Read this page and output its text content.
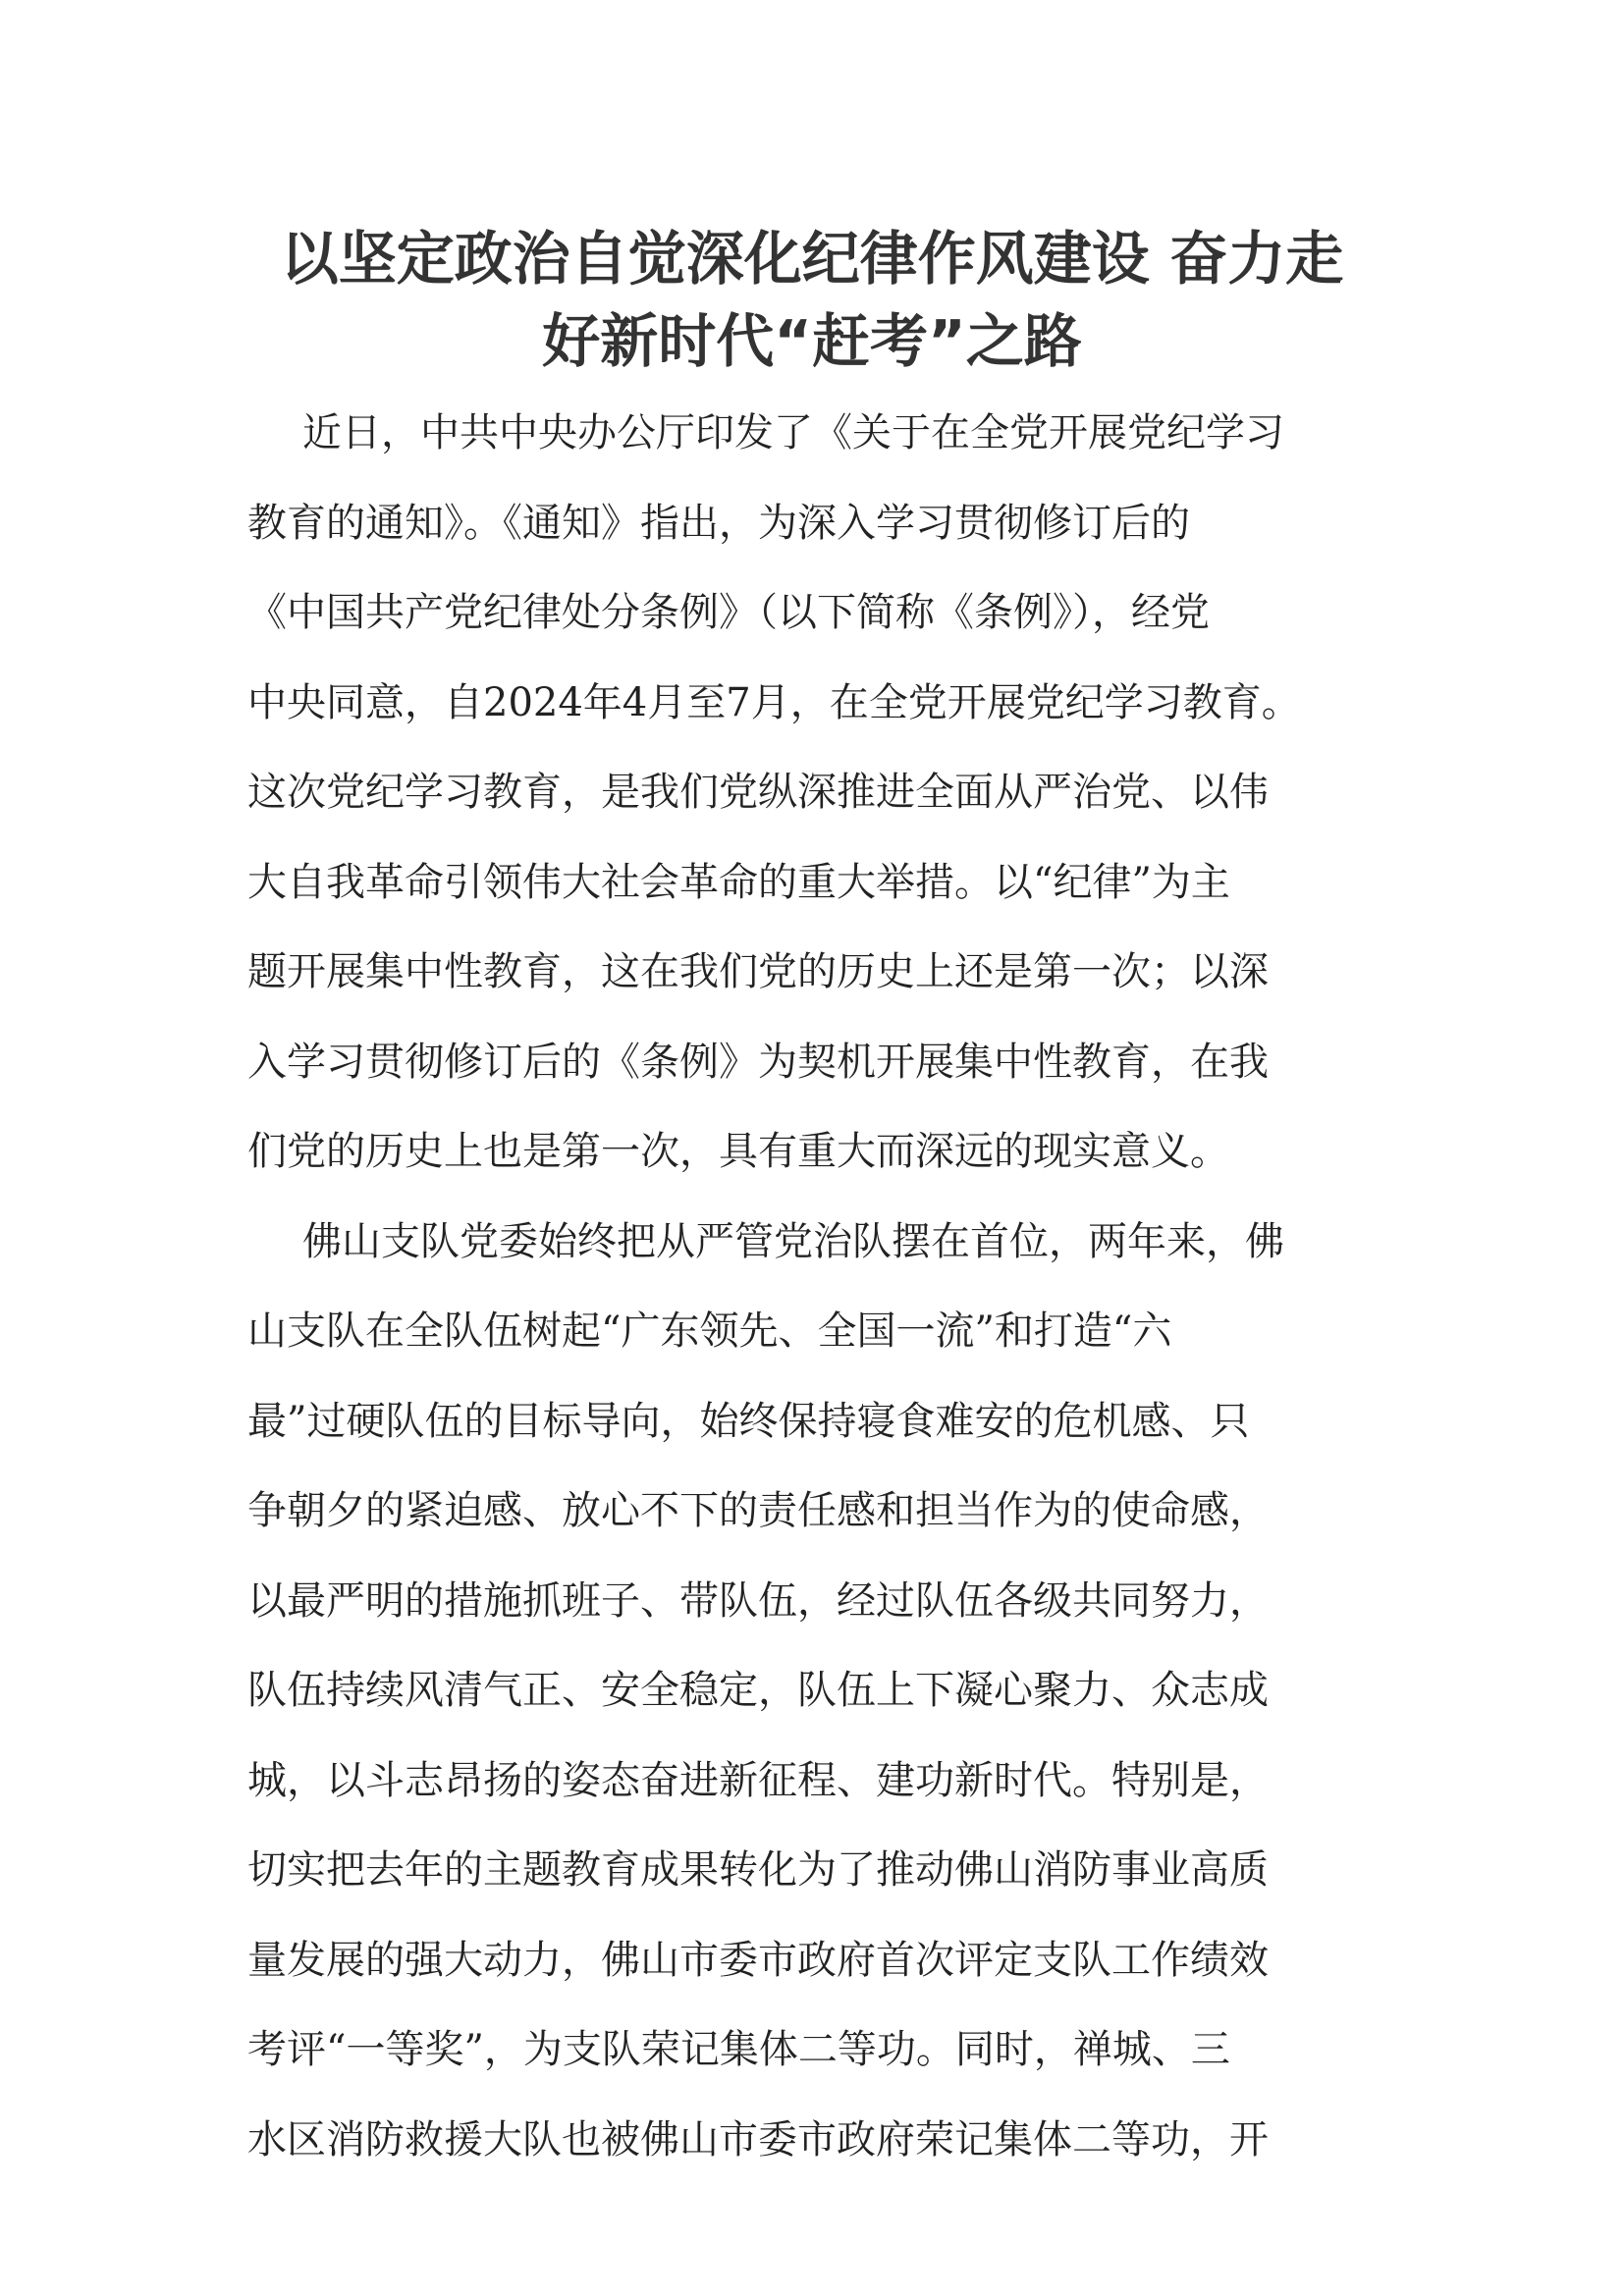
以坚定政治自觉深化纪律作风建设 奋力走
好新时代“赶考”之路
近日，中共中央办公厅印发了《关于在全党开展党纪学习
教育的通知》。《通知》指出，为深入学习贯彻修订后的
《中国共产党纪律处分条例》（以下简称《条例》），经党
中央同意，自2024年4月至7月，在全党开展党纪学习教育。
这次党纪学习教育，是我们党纵深推进全面从严治党、以伟
大自我革命引领伟大社会革命的重大举措。以“纪律”为主
题开展集中性教育，这在我们党的历史上还是第一次；以深
入学习贯彻修订后的《条例》为契机开展集中性教育，在我
们党的历史上也是第一次，具有重大而深远的现实意义。
佛山支队党委始终把从严管党治队摆在首位，两年来，佛
山支队在全队伍树起“广东领先、全国一流”和打造“六
最”过硬队伍的目标导向，始终保持寝食难安的危机感、只
争朝夕的紧迫感、放心不下的责任感和担当作为的使命感，
以最严明的措施抓班子、带队伍，经过队伍各级共同努力，
队伍持续风清气正、安全稳定，队伍上下凝心聚力、众志成
城，以斗志昂扬的姿态奋进新征程、建功新时代。特别是，
切实把去年的主题教育成果转化为了推动佛山消防事业高质
量发展的强大动力，佛山市委市政府首次评定支队工作绩效
考评“一等奖”，为支队荣记集体二等功。同时，禅城、三
水区消防救援大队也被佛山市委市政府荣记集体二等功，开
